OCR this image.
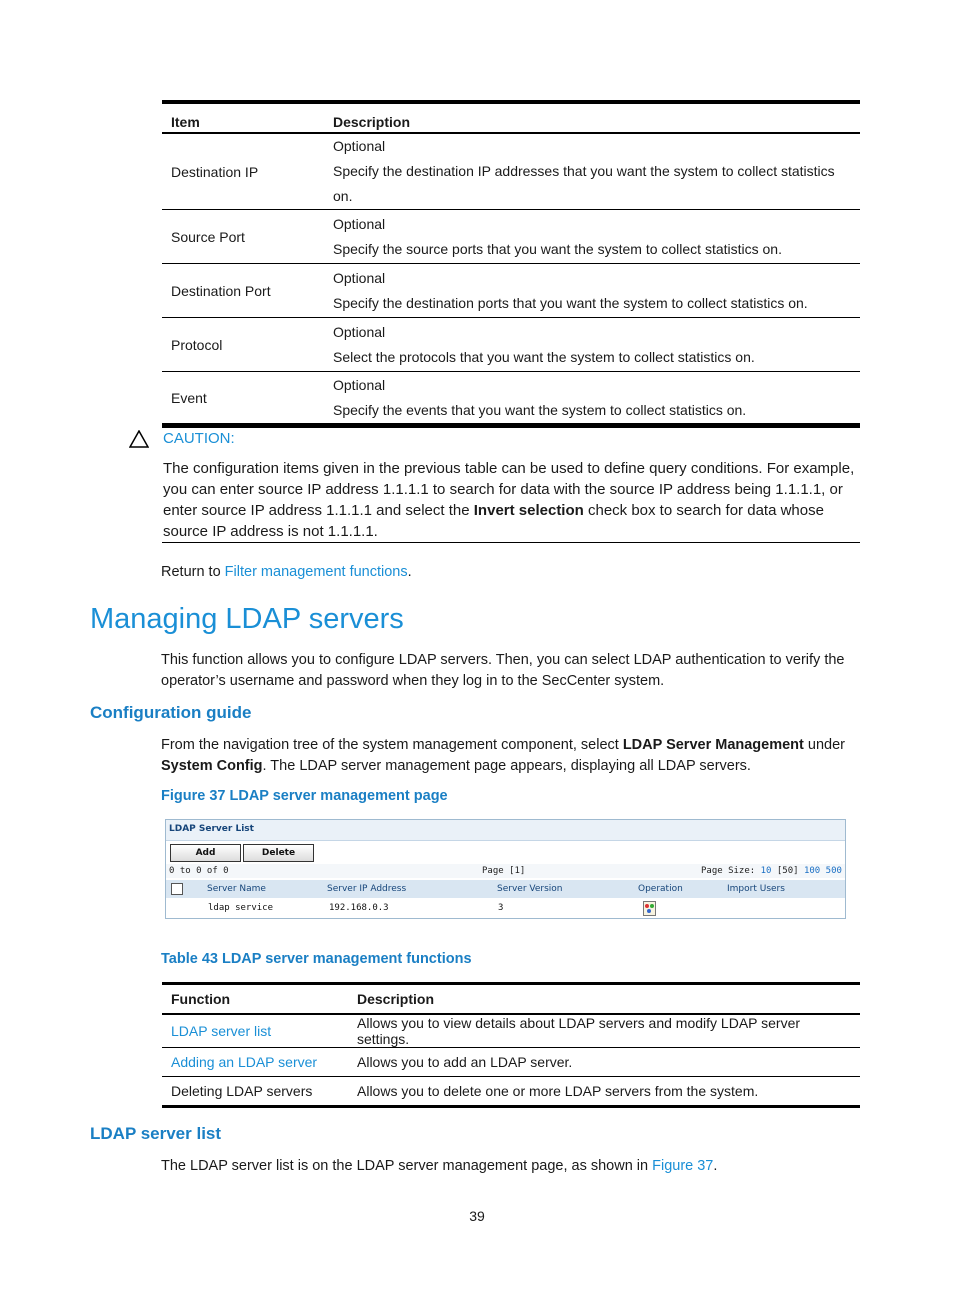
Item	Description
Destination IP	Optional
Specify the destination IP addresses that you want the system to collect statistics on.

Source Port	Optional
Specify the source ports that you want the system to collect statistics on.

Destination Port	Optional
Specify the destination ports that you want the system to collect statistics on.

Protocol	Optional
Select the protocols that you want the system to collect statistics on.

Event	Optional
Specify the events that you want the system to collect statistics on.
CAUTION:
The configuration items given in the previous table can be used to define query conditions. For example, you can enter source IP address 1.1.1.1 to search for data with the source IP address being 1.1.1.1, or enter source IP address 1.1.1.1 and select the Invert selection check box to search for data whose source IP address is not 1.1.1.1.
Return to Filter management functions.
Managing LDAP servers
This function allows you to configure LDAP servers. Then, you can select LDAP authentication to verify the operator’s username and password when they log in to the SecCenter system.
Configuration guide
From the navigation tree of the system management component, select LDAP Server Management under System Config. The LDAP server management page appears, displaying all LDAP servers.
Figure 37 LDAP server management page
LDAP Server List
Add	Delete
0 to 0 of 0	Page [1]	Page Size: 10 [50] 100 500
Server Name	Server IP Address	Server Version	Operation	Import Users
ldap service	192.168.0.3	3
Table 43 LDAP server management functions
Function	Description
LDAP server list	Allows you to view details about LDAP servers and modify LDAP server settings.
Adding an LDAP server	Allows you to add an LDAP server.
Deleting LDAP servers	Allows you to delete one or more LDAP servers from the system.
LDAP server list
The LDAP server list is on the LDAP server management page, as shown in Figure 37.
39
